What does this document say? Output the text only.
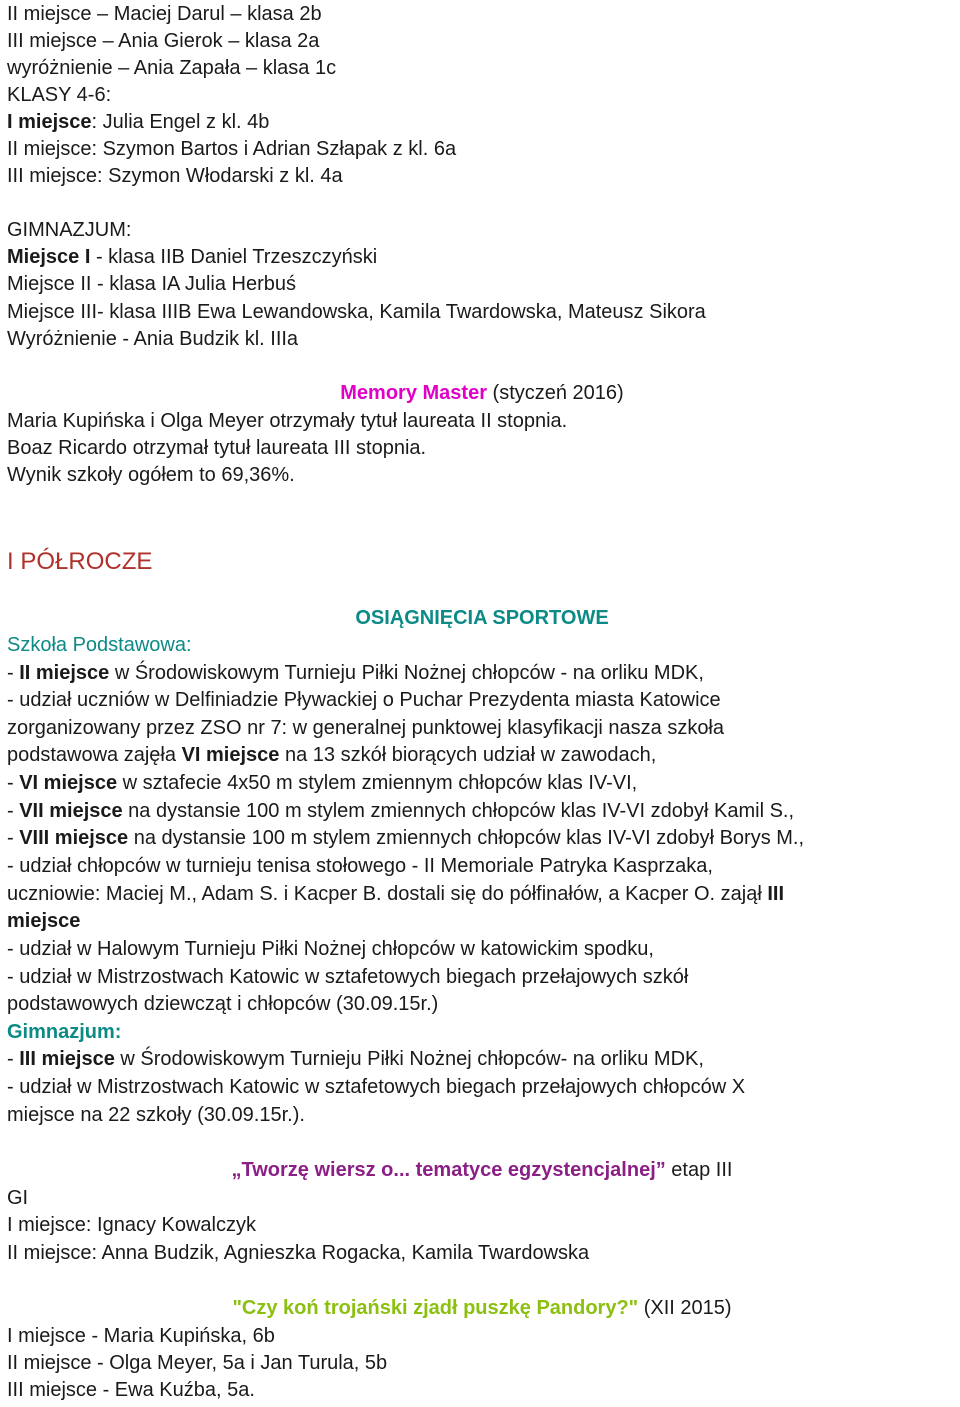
II miejsce – Maciej Darul – klasa 2b
III miejsce – Ania Gierok – klasa 2a
wyróżnienie – Ania Zapała – klasa 1c
KLASY 4-6:
I miejsce: Julia Engel z kl. 4b
II miejsce: Szymon Bartos i Adrian Szłapak z kl. 6a
III miejsce: Szymon Włodarski z kl. 4a
GIMNAZJUM:
Miejsce I - klasa IIB Daniel Trzeszczyński
Miejsce II - klasa IA Julia Herbuś
Miejsce III- klasa IIIB Ewa Lewandowska, Kamila Twardowska, Mateusz Sikora
Wyróżnienie - Ania Budzik kl. IIIa
Memory Master (styczeń 2016)
Maria Kupińska i Olga Meyer otrzymały tytuł laureata II stopnia.
Boaz Ricardo otrzymał tytuł laureata III stopnia.
Wynik szkoły ogółem to 69,36%.
I PÓŁROCZE
OSIĄGNIĘCIA SPORTOWE
Szkoła Podstawowa:
- II miejsce w Środowiskowym Turnieju Piłki Nożnej chłopców - na orliku MDK,
- udział uczniów w Delfiniadzie Pływackiej o Puchar Prezydenta miasta Katowice
zorganizowany przez ZSO nr 7: w generalnej punktowej klasyfikacji nasza szkoła
podstawowa zajęła VI miejsce na 13 szkół biorących udział w zawodach,
- VI miejsce w sztafecie 4x50 m stylem zmiennym chłopców klas IV-VI,
- VII miejsce na dystansie 100 m stylem zmiennych chłopców klas IV-VI zdobył Kamil S.,
- VIII miejsce na dystansie 100 m stylem zmiennych chłopców klas IV-VI zdobył Borys M.,
- udział chłopców w turnieju tenisa stołowego - II Memoriale Patryka Kasprzaka,
uczniowie: Maciej M., Adam S. i Kacper B. dostali się do półfinałów, a Kacper O. zajął III
miejsce
- udział w Halowym Turnieju Piłki Nożnej chłopców w katowickim spodku,
- udział w Mistrzostwach Katowic w sztafetowych biegach przełajowych szkół
podstawowych dziewcząt i chłopców (30.09.15r.)
Gimnazjum:
- III miejsce w Środowiskowym Turnieju Piłki Nożnej chłopców- na orliku MDK,
- udział w Mistrzostwach Katowic w sztafetowych biegach przełajowych chłopców X
miejsce na 22 szkoły (30.09.15r.).
„Tworzę wiersz o... tematyce egzystencjalnej” etap III
GI
I miejsce: Ignacy Kowalczyk
II miejsce: Anna Budzik, Agnieszka Rogacka, Kamila Twardowska
"Czy koń trojański zjadł puszkę Pandory?" (XII 2015)
I miejsce - Maria Kupińska, 6b
II miejsce - Olga Meyer, 5a i Jan Turula, 5b
III miejsce - Ewa Kuźba, 5a.
